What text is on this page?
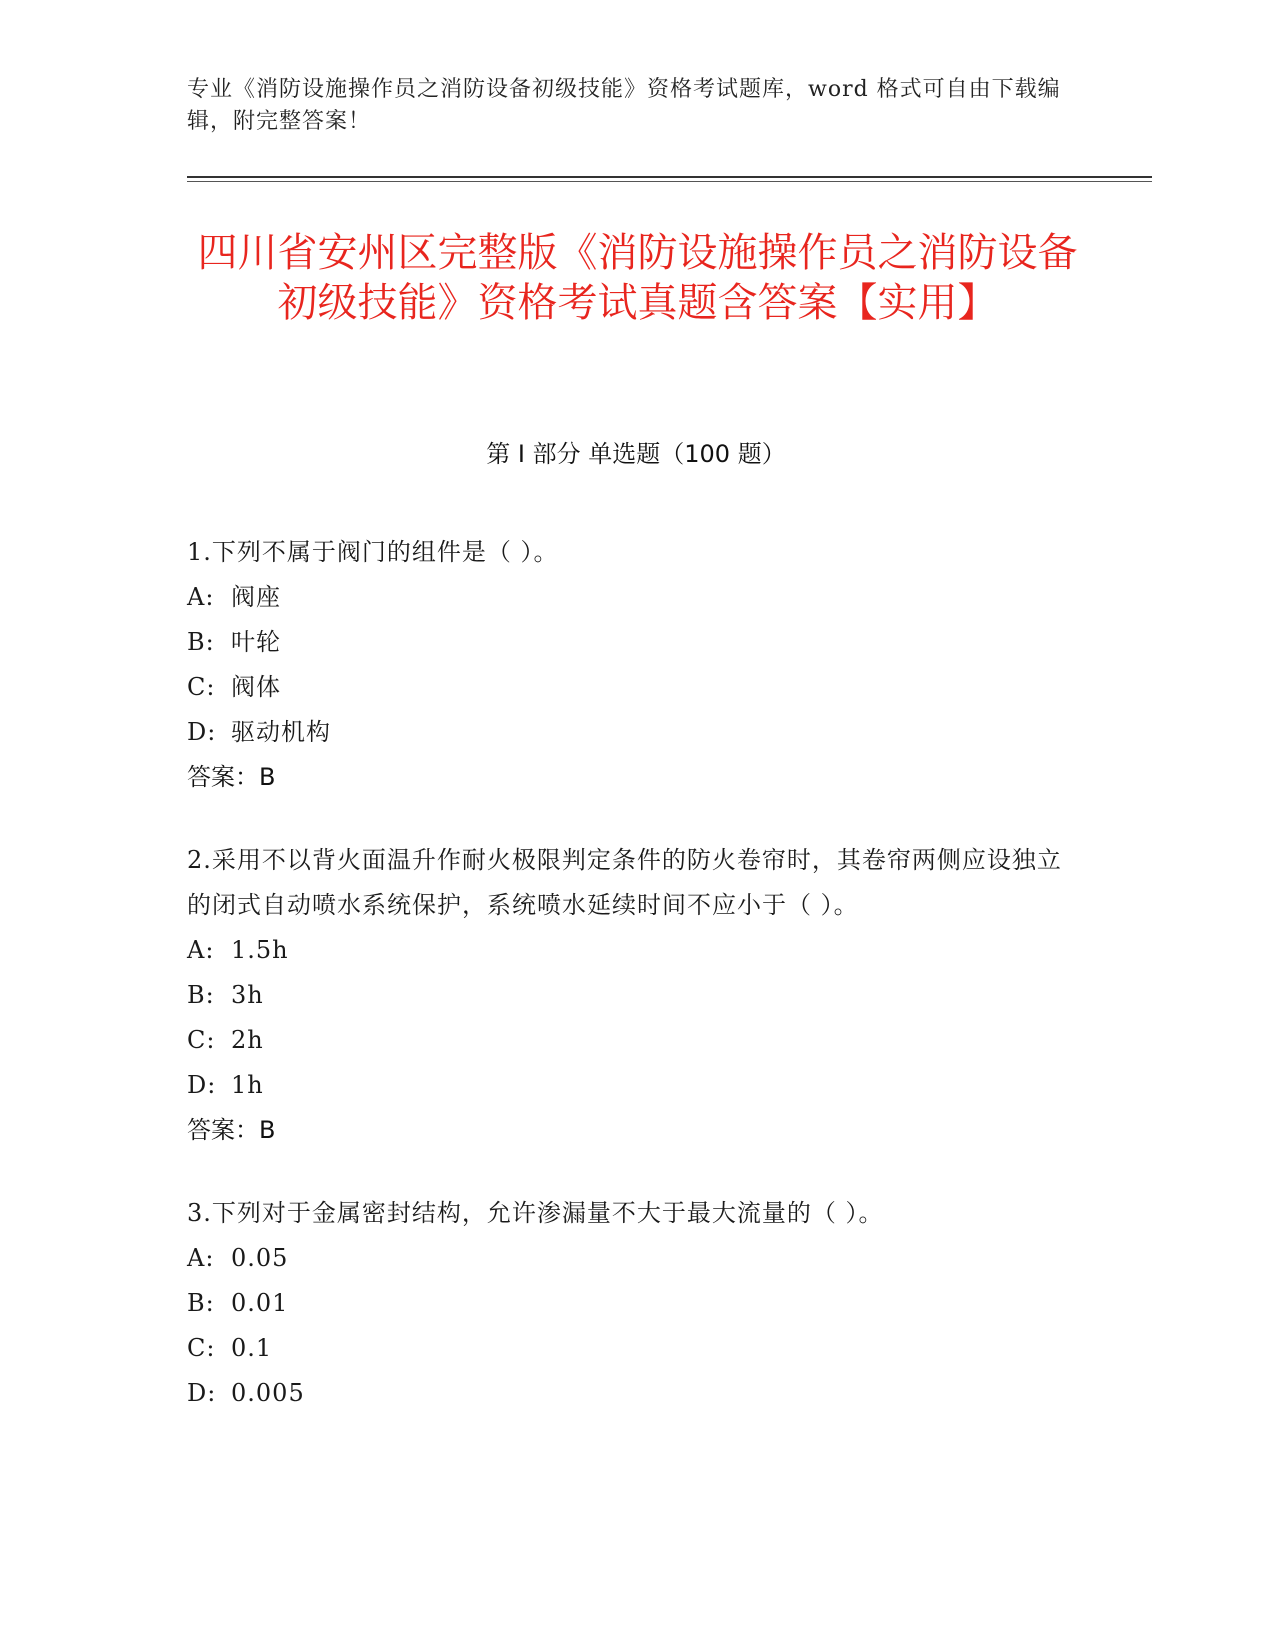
专业《消防设施操作员之消防设备初级技能》资格考试题库，word 格式可自由下载编辑，附完整答案！
四川省安州区完整版《消防设施操作员之消防设备初级技能》资格考试真题含答案【实用】
第 I 部分 单选题（100 题）
1.下列不属于阀门的组件是（ ）。
A: 阀座
B: 叶轮
C: 阀体
D: 驱动机构
答案：B
2.采用不以背火面温升作耐火极限判定条件的防火卷帘时，其卷帘两侧应设独立的闭式自动喷水系统保护，系统喷水延续时间不应小于（ ）。
A: 1.5h
B: 3h
C: 2h
D: 1h
答案：B
3.下列对于金属密封结构，允许渗漏量不大于最大流量的（ ）。
A: 0.05
B: 0.01
C: 0.1
D: 0.005
